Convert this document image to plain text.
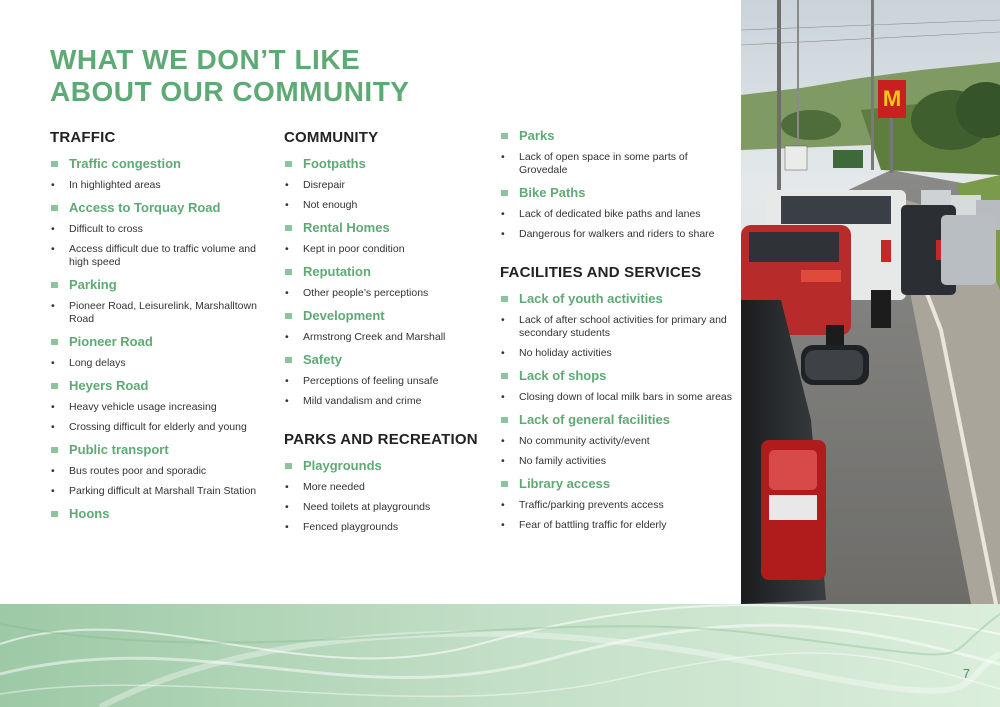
WHAT WE DON’T LIKE
ABOUT OUR COMMUNITY
TRAFFIC
Traffic congestion
• In highlighted areas
Access to Torquay Road
• Difficult to cross
• Access difficult due to traffic volume and high speed
Parking
• Pioneer Road, Leisurelink, Marshalltown Road
Pioneer Road
• Long delays
Heyers Road
• Heavy vehicle usage increasing
• Crossing difficult for elderly and young
Public transport
• Bus routes poor and sporadic
• Parking difficult at Marshall Train Station
Hoons
COMMUNITY
Footpaths
• Disrepair
• Not enough
Rental Homes
• Kept in poor condition
Reputation
• Other people’s perceptions
Development
• Armstrong Creek and Marshall
Safety
• Perceptions of feeling unsafe
• Mild vandalism and crime
PARKS AND RECREATION
Playgrounds
• More needed
• Need toilets at playgrounds
• Fenced playgrounds
Parks
• Lack of open space in some parts of Grovedale
Bike Paths
• Lack of dedicated bike paths and lanes
• Dangerous for walkers and riders to share
FACILITIES AND SERVICES
Lack of youth activities
• Lack of after school activities for primary and secondary students
• No holiday activities
Lack of shops
• Closing down of local milk bars in some areas
Lack of general facilities
• No community activity/event
• No family activities
Library access
• Traffic/parking prevents access
• Fear of battling traffic for elderly
M
7
